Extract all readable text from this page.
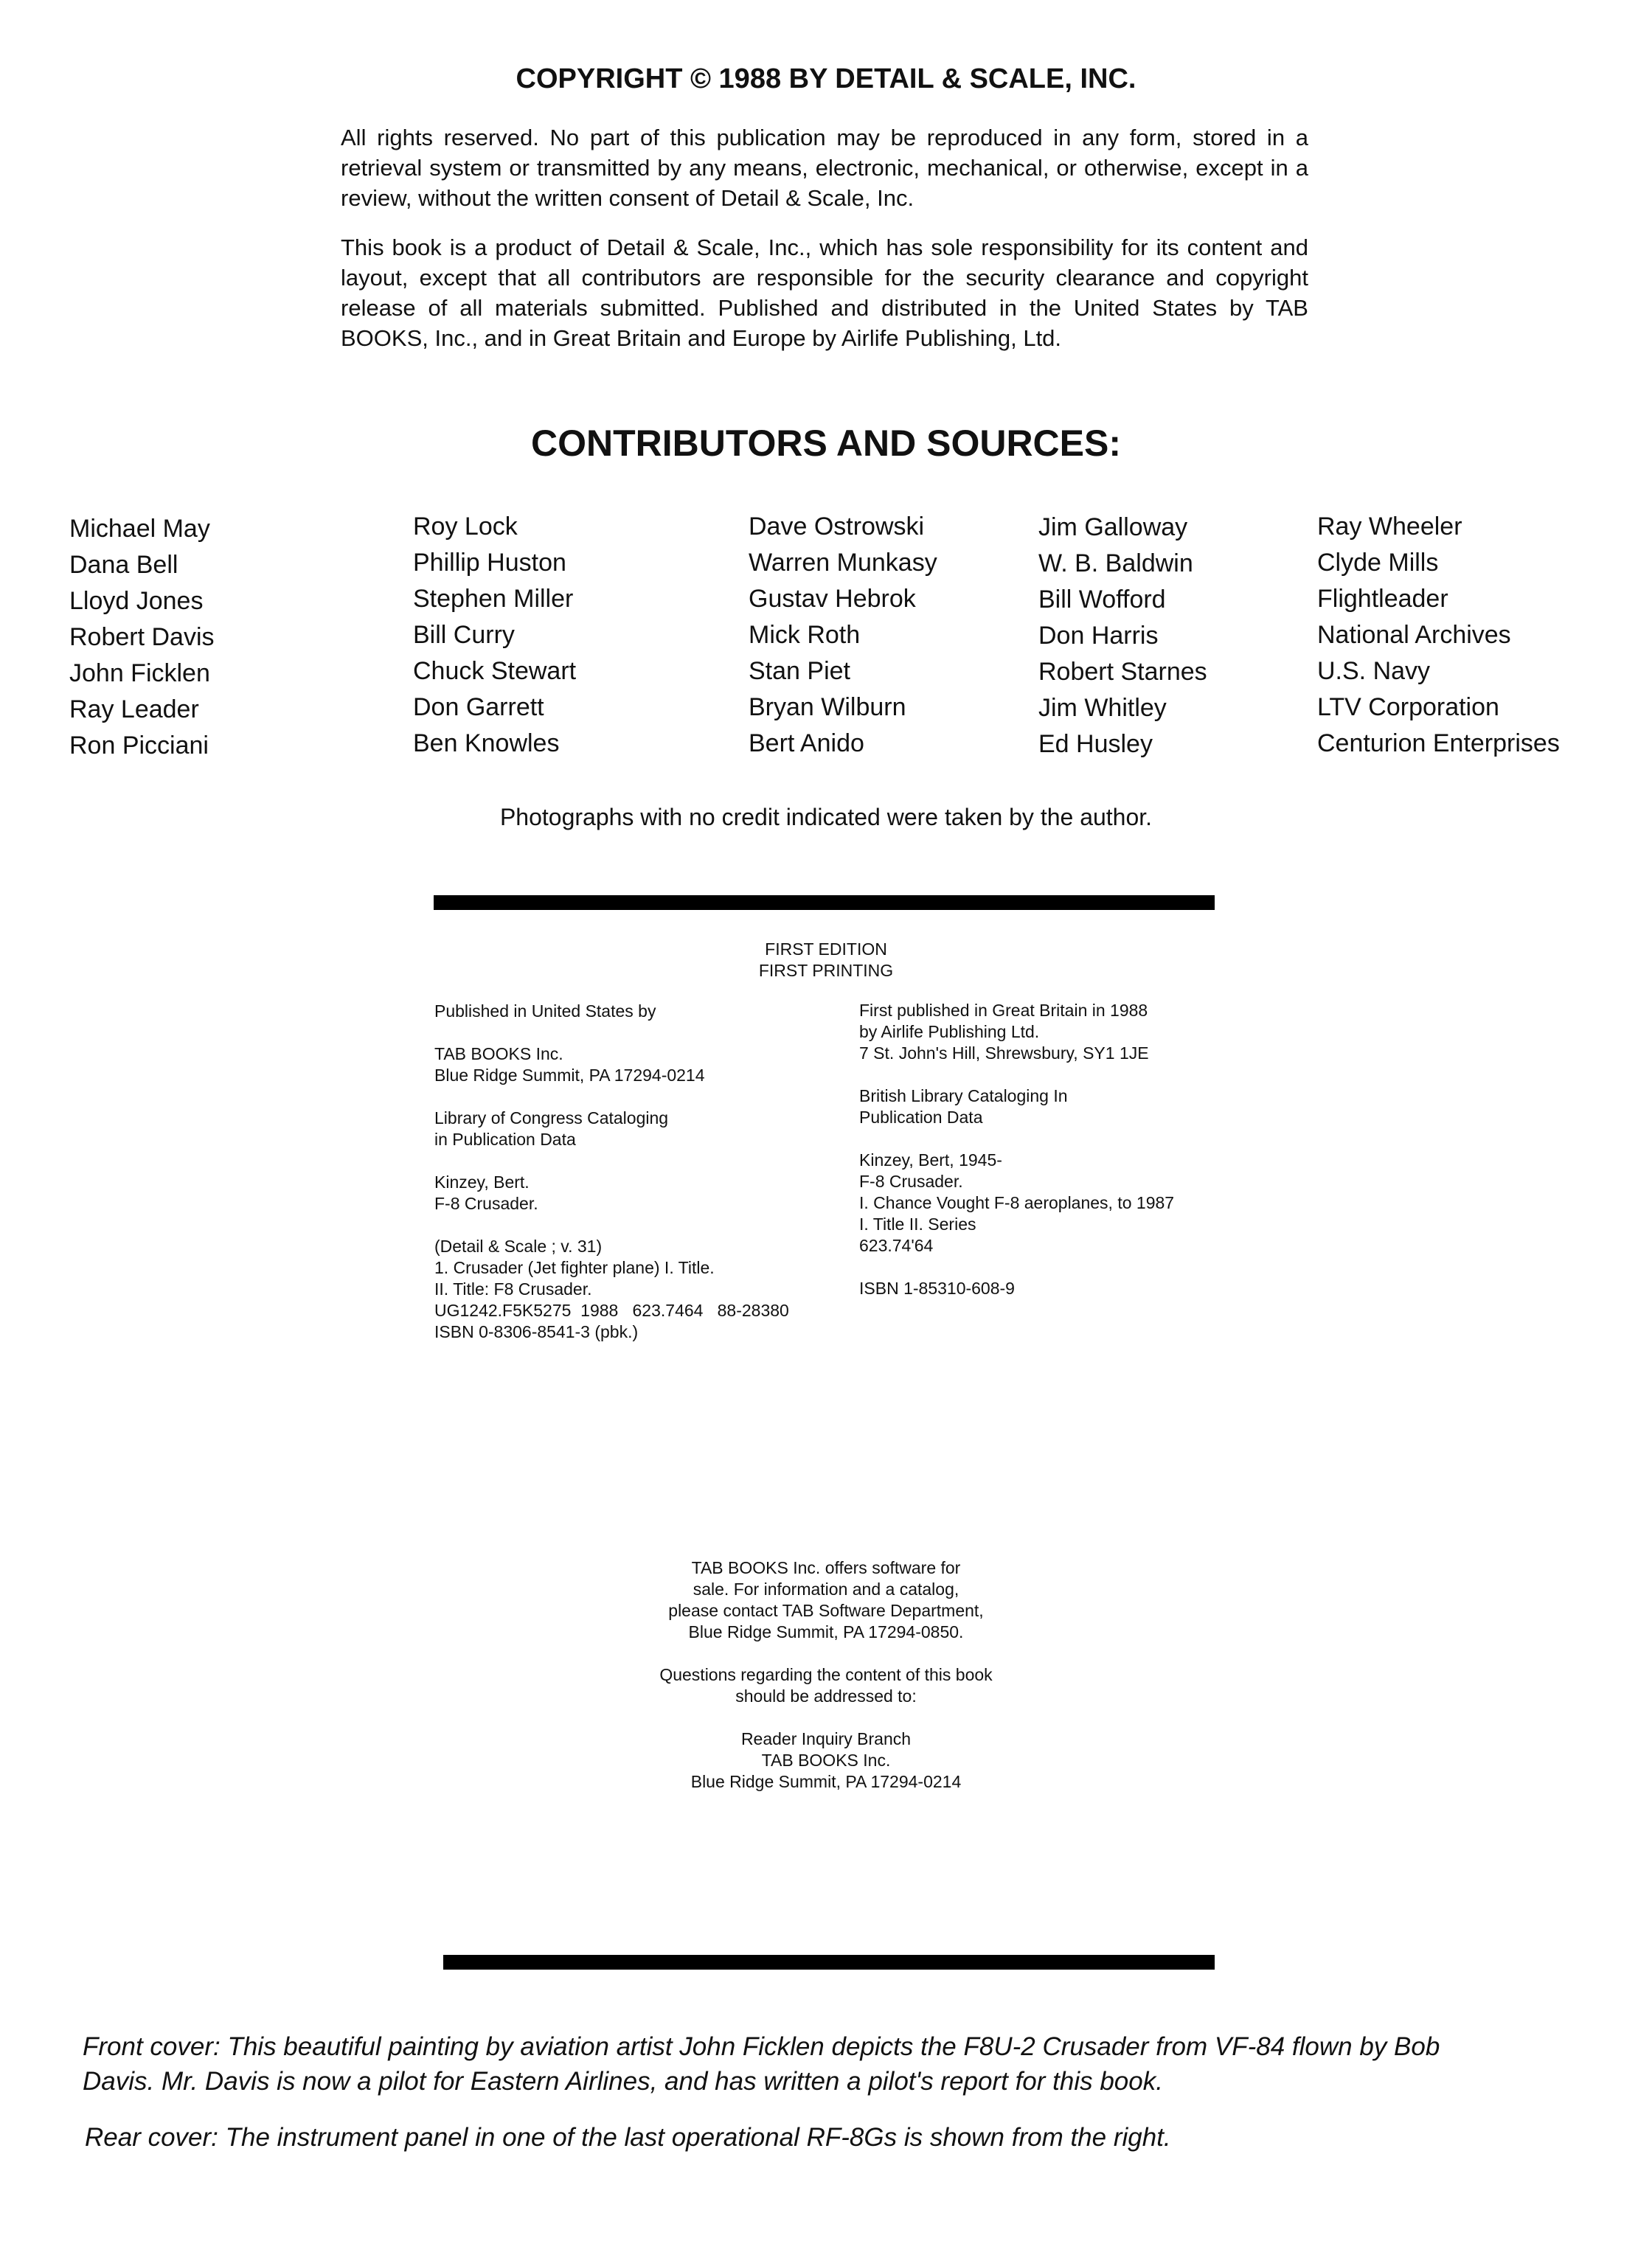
COPYRIGHT © 1988 BY DETAIL & SCALE, INC.
All rights reserved. No part of this publication may be reproduced in any form, stored in a retrieval system or transmitted by any means, electronic, mechanical, or otherwise, except in a review, without the written consent of Detail & Scale, Inc.
This book is a product of Detail & Scale, Inc., which has sole responsibility for its content and layout, except that all contributors are responsible for the security clearance and copyright release of all materials submitted. Published and distributed in the United States by TAB BOOKS, Inc., and in Great Britain and Europe by Airlife Publishing, Ltd.
CONTRIBUTORS AND SOURCES:
Michael May
Dana Bell
Lloyd Jones
Robert Davis
John Ficklen
Ray Leader
Ron Picciani
Roy Lock
Phillip Huston
Stephen Miller
Bill Curry
Chuck Stewart
Don Garrett
Ben Knowles
Dave Ostrowski
Warren Munkasy
Gustav Hebrok
Mick Roth
Stan Piet
Bryan Wilburn
Bert Anido
Jim Galloway
W. B. Baldwin
Bill Wofford
Don Harris
Robert Starnes
Jim Whitley
Ed Husley
Ray Wheeler
Clyde Mills
Flightleader
National Archives
U.S. Navy
LTV Corporation
Centurion Enterprises
Photographs with no credit indicated were taken by the author.
FIRST EDITION
FIRST PRINTING
Published in United States by
TAB BOOKS Inc.
Blue Ridge Summit, PA 17294-0214
Library of Congress Cataloging
in Publication Data
Kinzey, Bert.
F-8 Crusader.
(Detail & Scale ; v. 31)
1. Crusader (Jet fighter plane) I. Title.
II. Title: F8 Crusader.
UG1242.F5K5275  1988   623.7464   88-28380
ISBN 0-8306-8541-3 (pbk.)
First published in Great Britain in 1988
by Airlife Publishing Ltd.
7 St. John's Hill, Shrewsbury, SY1 1JE
British Library Cataloging In
Publication Data
Kinzey, Bert, 1945-
F-8 Crusader.
I. Chance Vought F-8 aeroplanes, to 1987
I. Title II. Series
623.74'64
ISBN 1-85310-608-9
TAB BOOKS Inc. offers software for
sale. For information and a catalog,
please contact TAB Software Department,
Blue Ridge Summit, PA 17294-0850.
Questions regarding the content of this book
should be addressed to:
Reader Inquiry Branch
TAB BOOKS Inc.
Blue Ridge Summit, PA 17294-0214
Front cover: This beautiful painting by aviation artist John Ficklen depicts the F8U-2 Crusader from VF-84 flown by Bob
Davis. Mr. Davis is now a pilot for Eastern Airlines, and has written a pilot's report for this book.
Rear cover: The instrument panel in one of the last operational RF-8Gs is shown from the right.
